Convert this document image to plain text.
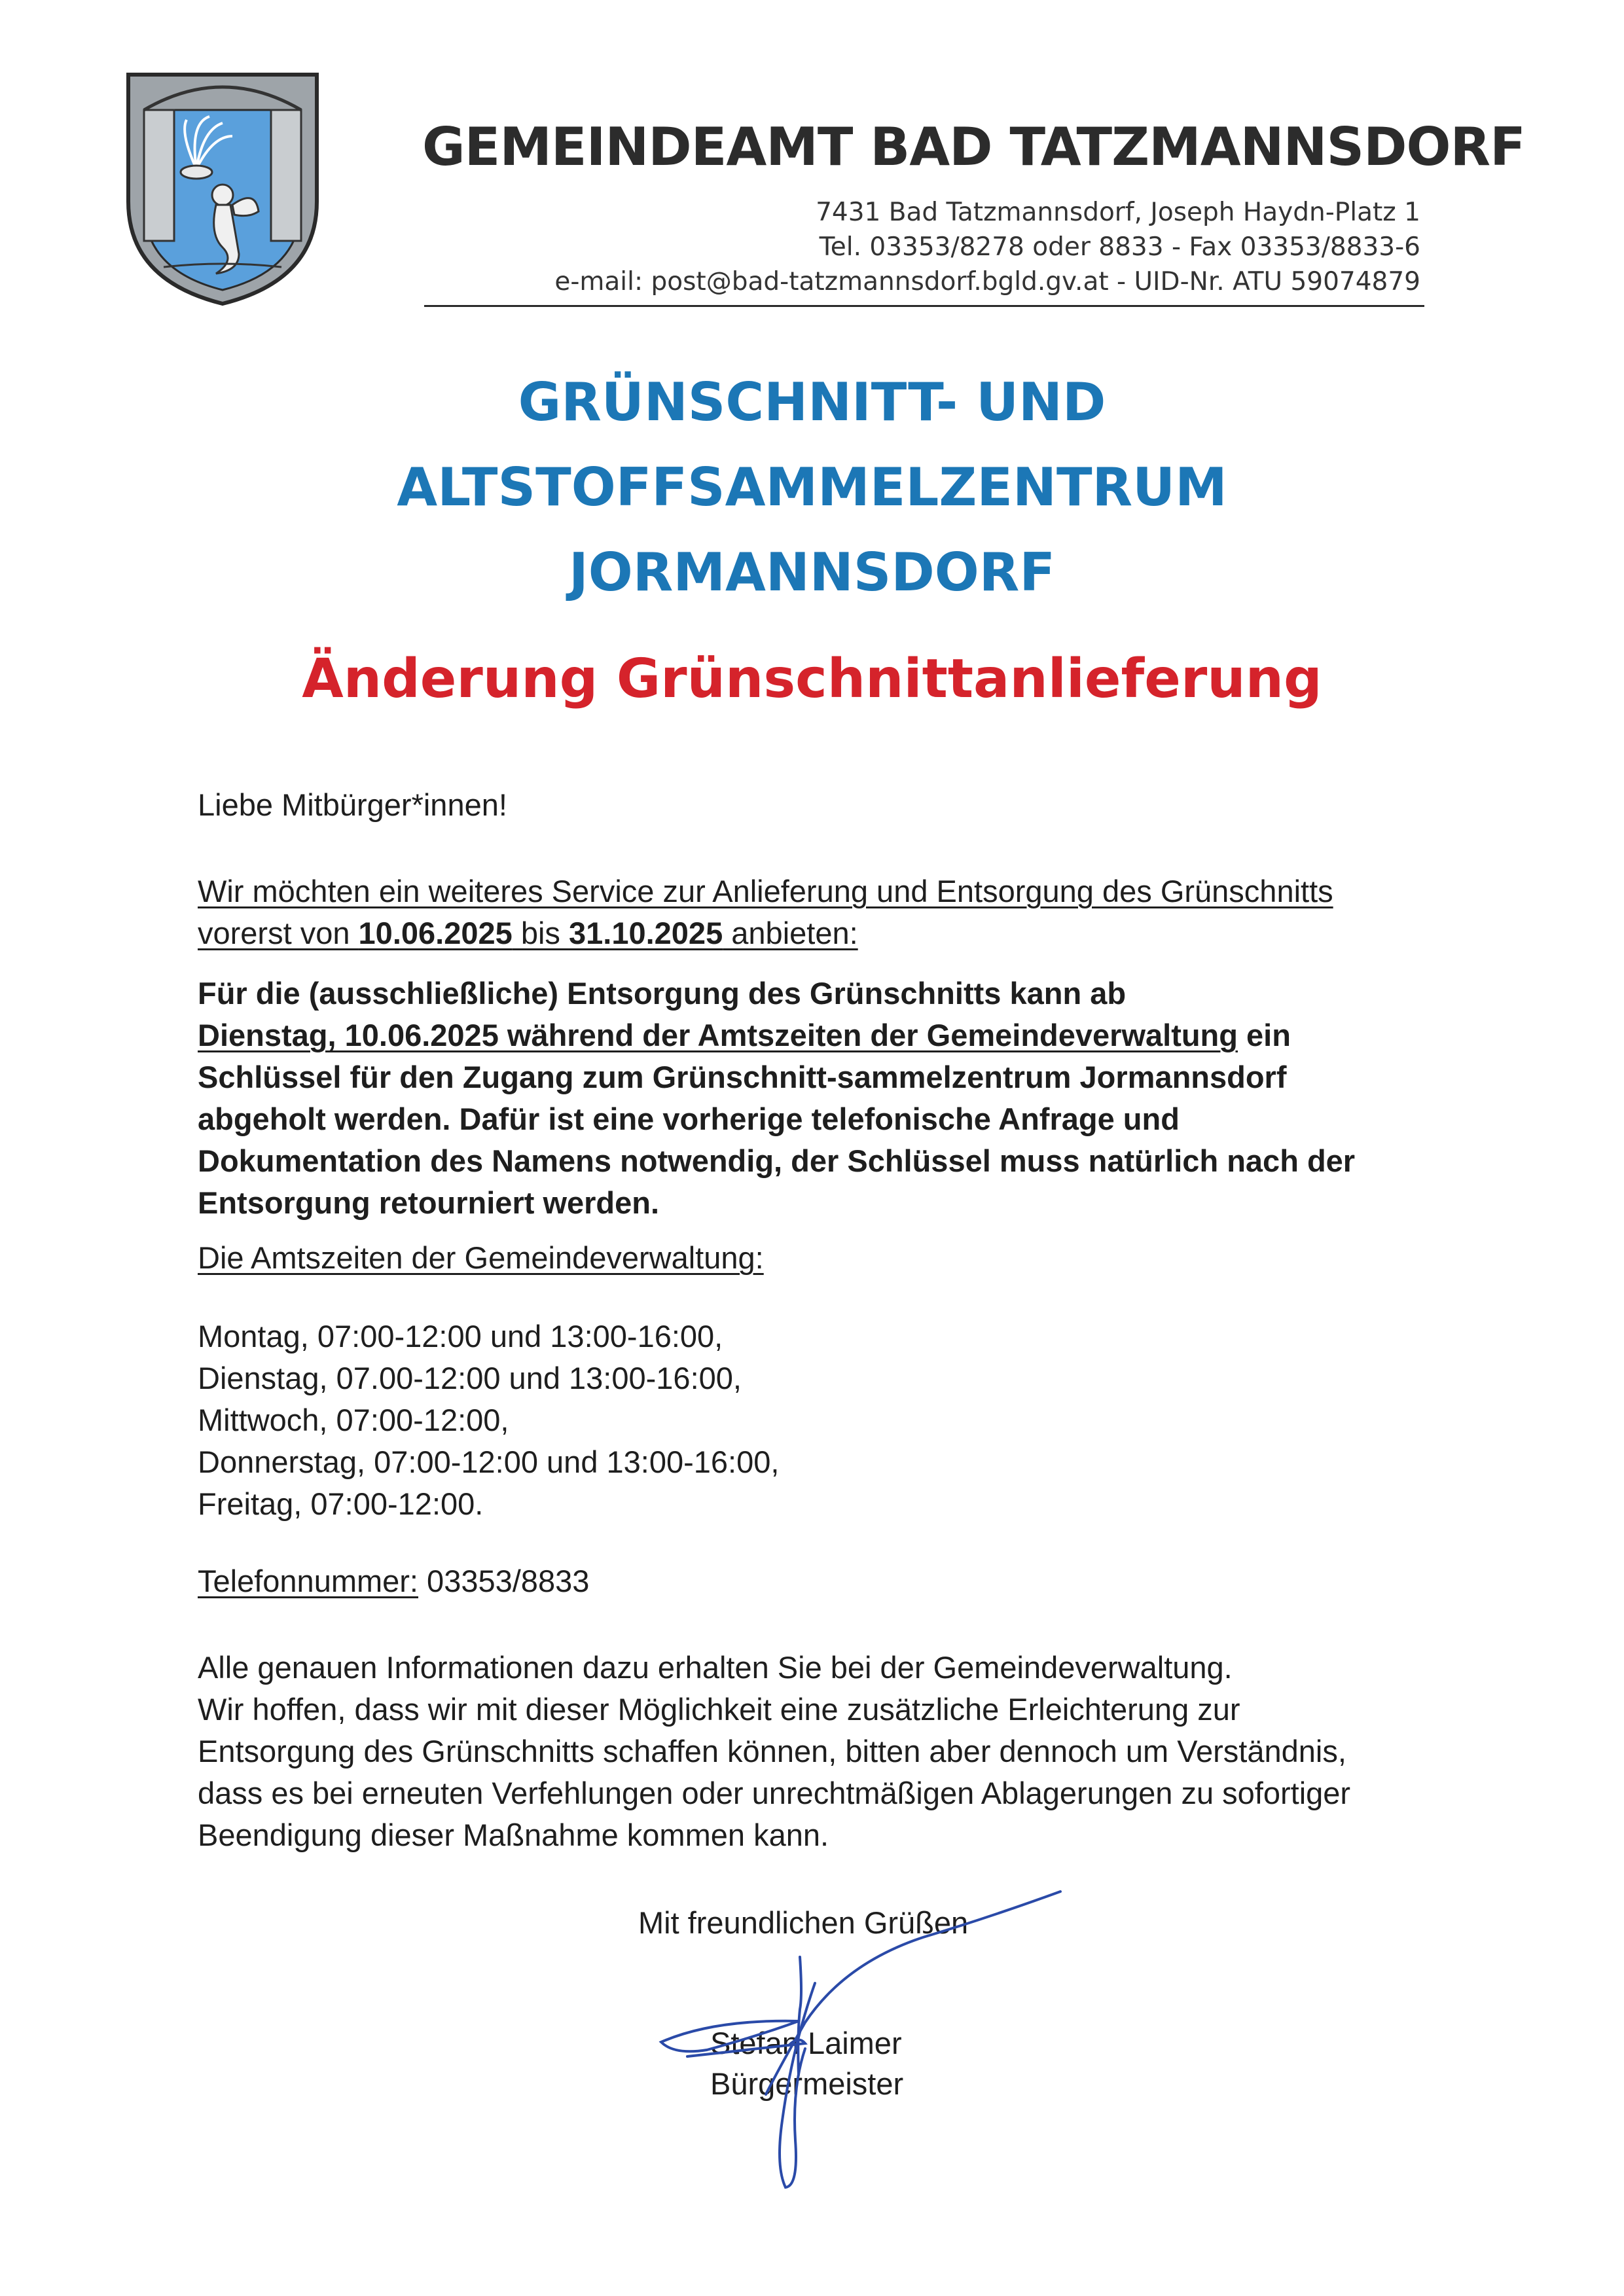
GEMEINDEAMT BAD TATZMANNSDORF
7431 Bad Tatzmannsdorf, Joseph Haydn-Platz 1
Tel. 03353/8278 oder 8833 - Fax 03353/8833-6
e-mail: post@bad-tatzmannsdorf.bgld.gv.at - UID-Nr. ATU 59074879
GRÜNSCHNITT- UND
ALTSTOFFSAMMELZENTRUM
JORMANNSDORF
Änderung Grünschnittanlieferung
Liebe Mitbürger*innen!
Wir möchten ein weiteres Service zur Anlieferung und Entsorgung des Grünschnitts
vorerst von 10.06.2025 bis 31.10.2025 anbieten:
Für die (ausschließliche) Entsorgung des Grünschnitts kann ab
Dienstag, 10.06.2025 während der Amtszeiten der Gemeindeverwaltung ein
Schlüssel für den Zugang zum Grünschnitt-sammelzentrum Jormannsdorf
abgeholt werden. Dafür ist eine vorherige telefonische Anfrage und
Dokumentation des Namens notwendig, der Schlüssel muss natürlich nach der
Entsorgung retourniert werden.
Die Amtszeiten der Gemeindeverwaltung:
Montag, 07:00-12:00 und 13:00-16:00,
Dienstag, 07.00-12:00 und 13:00-16:00,
Mittwoch, 07:00-12:00,
Donnerstag, 07:00-12:00 und 13:00-16:00,
Freitag, 07:00-12:00.
Telefonnummer: 03353/8833
Alle genauen Informationen dazu erhalten Sie bei der Gemeindeverwaltung.
Wir hoffen, dass wir mit dieser Möglichkeit eine zusätzliche Erleichterung zur
Entsorgung des Grünschnitts schaffen können, bitten aber dennoch um Verständnis,
dass es bei erneuten Verfehlungen oder unrechtmäßigen Ablagerungen zu sofortiger
Beendigung dieser Maßnahme kommen kann.
Mit freundlichen Grüßen
Stefan Laimer
Bürgermeister
